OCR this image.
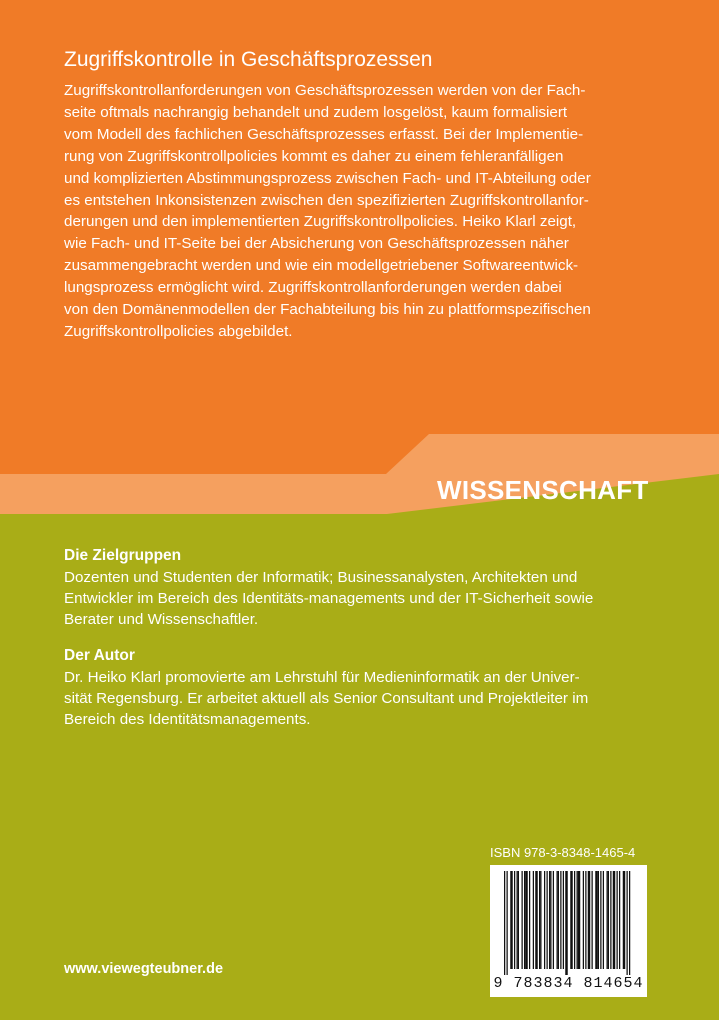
Zugriffskontrolle in Geschäftsprozessen

Zugriffskontrollanforderungen von Geschäftsprozessen werden von der Fach-
seite oftmals nachrangig behandelt und zudem losgelöst, kaum formalisiert
vom Modell des fachlichen Geschäftsprozesses erfasst. Bei der Implementie-
rung von Zugriffskontrollpolicies kommt es daher zu einem fehleranfälligen
und komplizierten Abstimmungsprozess zwischen Fach- und IT-Abteilung oder
es entstehen Inkonsistenzen zwischen den spezifizierten Zugriffskontrollanfor-
derungen und den implementierten Zugriffskontrollpolicies. Heiko Klarl zeigt,
wie Fach- und IT-Seite bei der Absicherung von Geschäftsprozessen näher
zusammengebracht werden und wie ein modellgetriebener Softwareentwick-
lungsprozess ermöglicht wird. Zugriffskontrollanforderungen werden dabei
von den Domänenmodellen der Fachabteilung bis hin zu plattformspezifischen
Zugriffskontrollpolicies abgebildet.

WISSENSCHAFT
Die Zielgruppen

Dozenten und Studenten der Informatik; Businessanalysten, Architekten und
Entwickler im Bereich des Identitäts-managements und der IT-Sicherheit sowie
Berater und Wissenschaftler.

Der Autor

Dr. Heiko Klarl promovierte am Lehrstuhl für Medieninformatik an der Univer-
sität Regensburg. Er arbeitet aktuell als Senior Consultant und Projektleiter im
Bereich des Identitätsmanagements.

ISBN 978-3-8348-1465-4
9 783834 814654
www.viewegteubner.de
